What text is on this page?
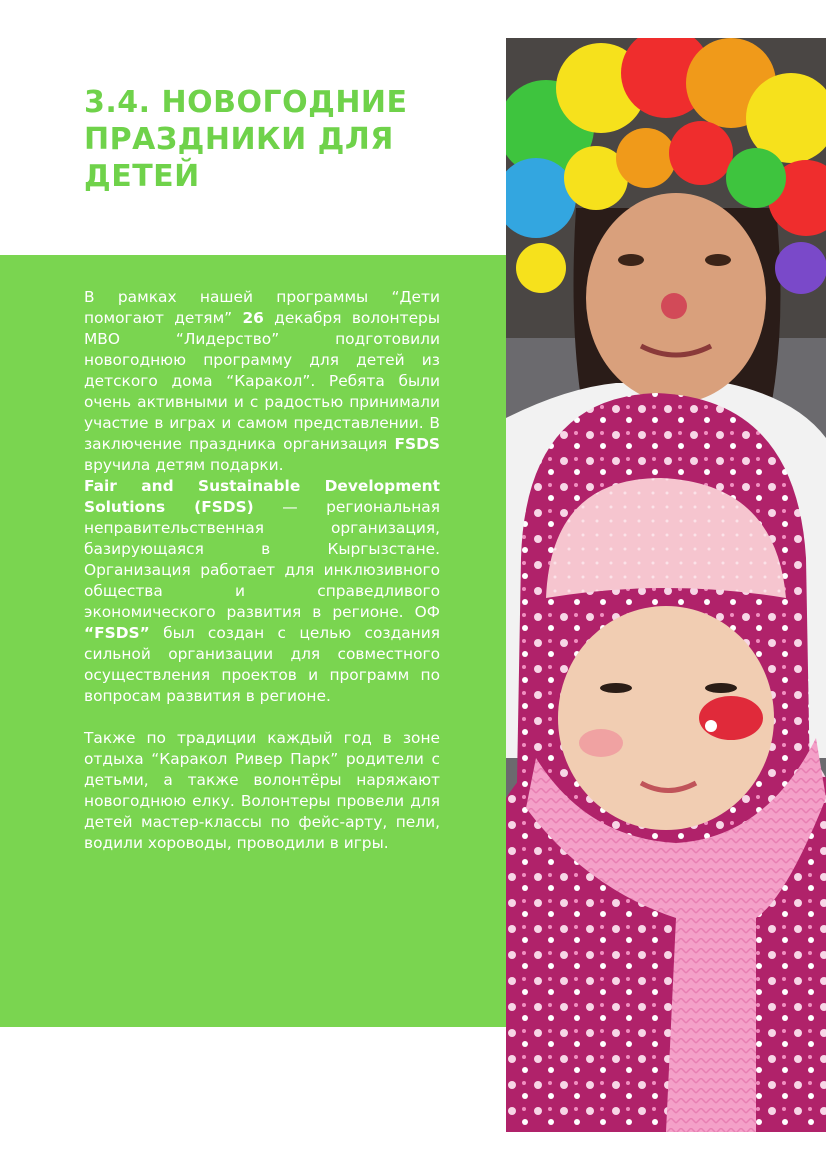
3.4. НОВОГОДНИЕ ПРАЗДНИКИ ДЛЯ ДЕТЕЙ

В рамках нашей программы “Дети помогают детям” 26 декабря волонтеры МВО “Лидерство” подготовили новогоднюю программу для детей из детского дома “Каракол”. Ребята были очень активными и с радостью принимали участие в играх и самом представлении. В заключение праздника организация FSDS вручила детям подарки.

Fair and Sustainable Development Solutions (FSDS) — региональная неправительственная организация, базирующаяся в Кыргызстане. Организация работает для инклюзивного общества и справедливого экономического развития в регионе. ОФ “FSDS” был создан с целью создания сильной организации для совместного осуществления проектов и программ по вопросам развития в регионе.

Также по традиции каждый год в зоне отдыха “Каракол Ривер Парк” родители с детьми, а также волонтёры наряжают новогоднюю елку. Волонтеры провели для детей мастер-классы по фейс-арту, пели, водили хороводы, проводили в игры.
